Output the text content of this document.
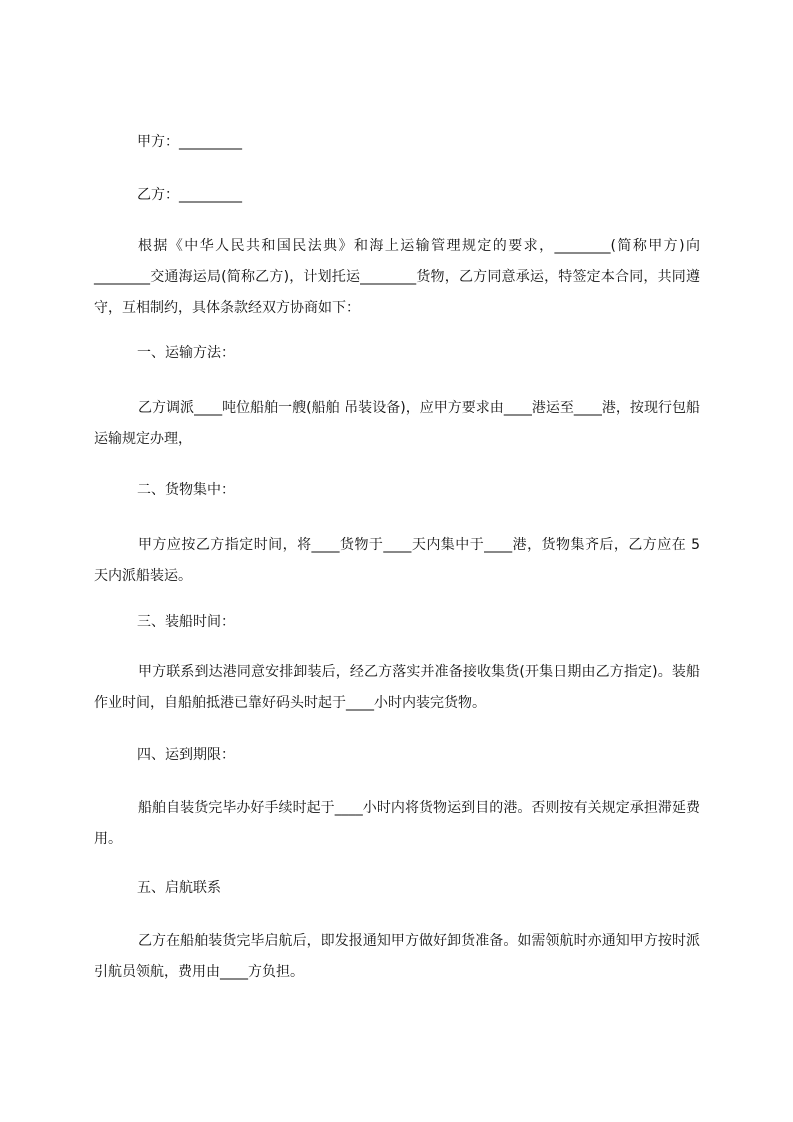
甲方：_________
乙方：_________
根据《中华人民共和国民法典》和海上运输管理规定的要求，________(简称甲方)向________交通海运局(简称乙方)，计划托运________货物，乙方同意承运，特签定本合同，共同遵守，互相制约，具体条款经双方协商如下：
一、运输方法：
乙方调派____吨位船舶一艘(船舶 吊装设备)，应甲方要求由____港运至____港，按现行包船运输规定办理，
二、货物集中：
甲方应按乙方指定时间，将____货物于____天内集中于____港，货物集齐后，乙方应在 5 天内派船装运。
三、装船时间：
甲方联系到达港同意安排卸装后，经乙方落实并准备接收集货(开集日期由乙方指定)。装船作业时间，自船舶抵港已靠好码头时起于____小时内装完货物。
四、运到期限：
船舶自装货完毕办好手续时起于____小时内将货物运到目的港。否则按有关规定承担滞延费用。
五、启航联系
乙方在船舶装货完毕启航后，即发报通知甲方做好卸货准备。如需领航时亦通知甲方按时派引航员领航，费用由____方负担。
